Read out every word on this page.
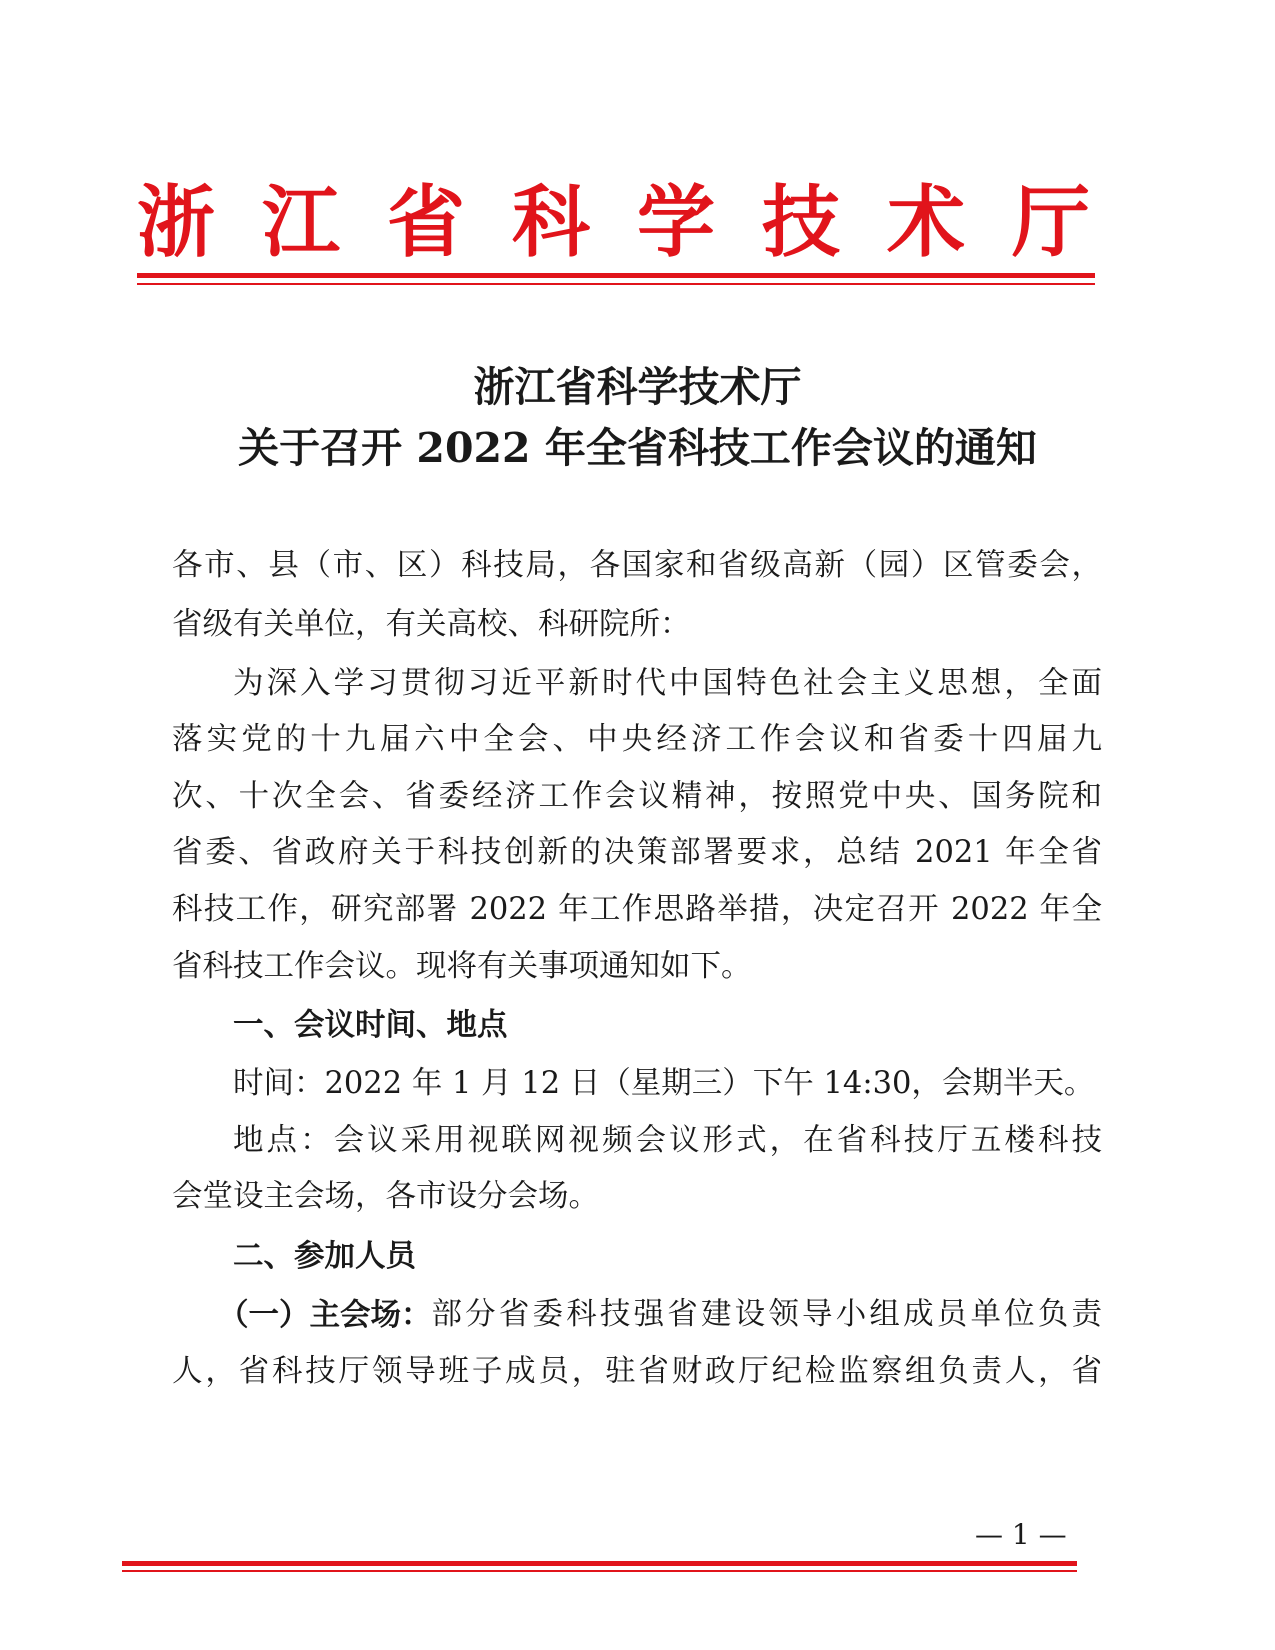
浙 江 省 科 学 技 术 厅
浙江省科学技术厅
关于召开 2022 年全省科技工作会议的通知
各市、县（市、区）科技局，各国家和省级高新（园）区管委会，
省级有关单位，有关高校、科研院所：
为深入学习贯彻习近平新时代中国特色社会主义思想，全面
落实党的十九届六中全会、中央经济工作会议和省委十四届九
次、十次全会、省委经济工作会议精神，按照党中央、国务院和
省委、省政府关于科技创新的决策部署要求，总结 2021 年全省
科技工作，研究部署 2022 年工作思路举措，决定召开 2022 年全
省科技工作会议。现将有关事项通知如下。
一、会议时间、地点
时间：2022 年 1 月 12 日（星期三）下午 14:30，会期半天。
地点：会议采用视联网视频会议形式，在省科技厅五楼科技
会堂设主会场，各市设分会场。
二、参加人员
（一）主会场： 部分省委科技强省建设领导小组成员单位负责
人，省科技厅领导班子成员，驻省财政厅纪检监察组负责人，省
— 1 —
